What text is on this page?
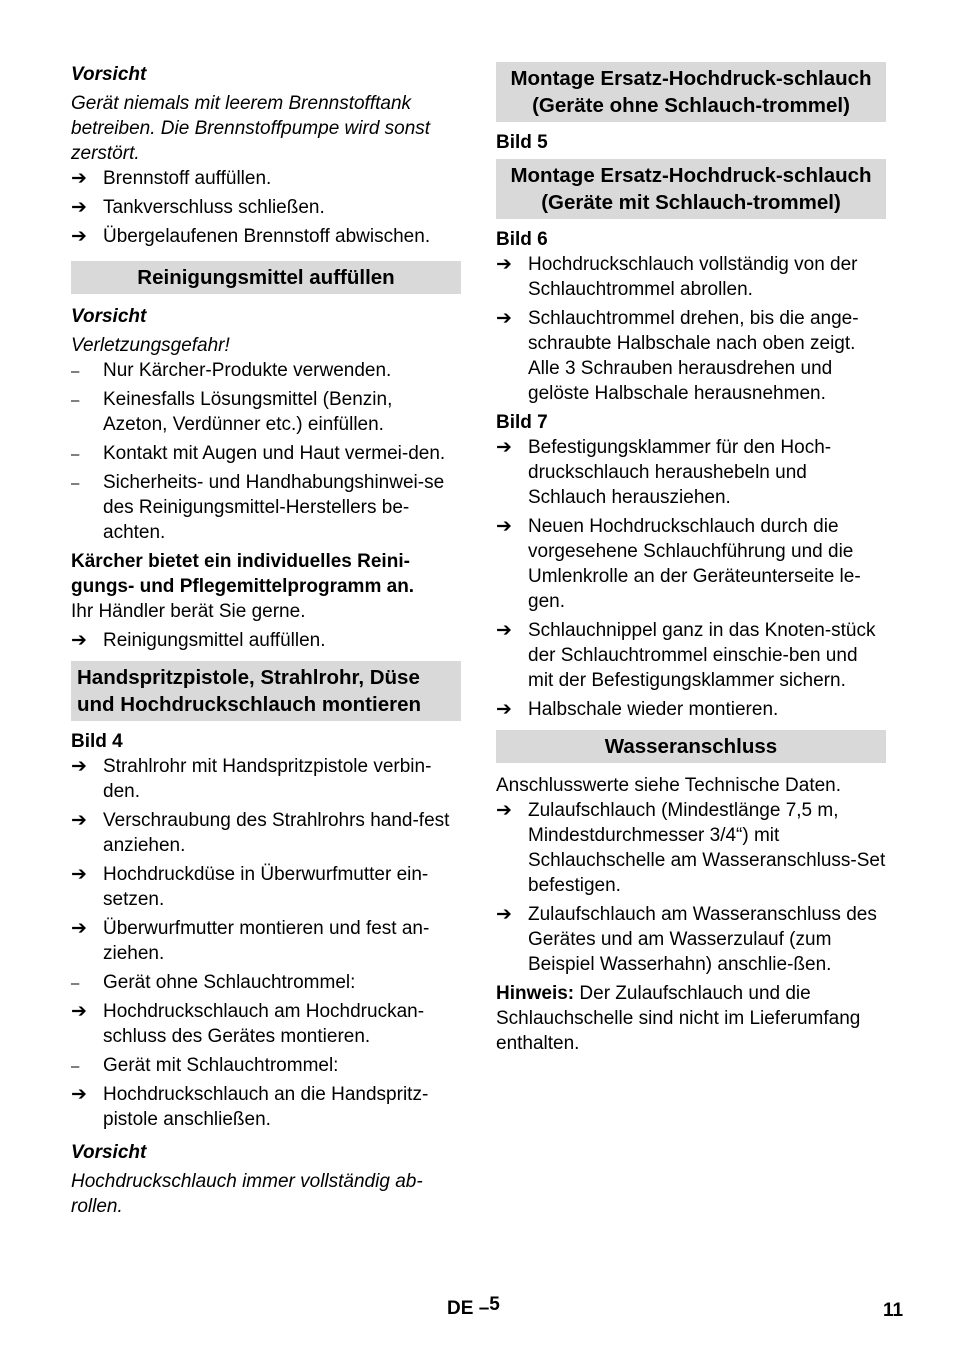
Vorsicht

Gerät niemals mit leerem Brennstofftank betreiben. Die Brennstoffpumpe wird sonst zerstört.

➔
Brennstoff auffüllen.
➔
Tankverschluss schließen.
➔
Übergelaufenen Brennstoff abwischen.

Reinigungsmittel auffüllen

Vorsicht

Verletzungsgefahr!

–
Nur Kärcher-Produkte verwenden.
–
Keinesfalls Lösungsmittel (Benzin, Azeton, Verdünner etc.) einfüllen.
–
Kontakt mit Augen und Haut vermei-den.
–
Sicherheits- und Handhabungshinwei-se des Reinigungsmittel-Herstellers be-achten.

Kärcher bietet ein individuelles Reini-gungs- und Pflegemittelprogramm an.

Ihr Händler berät Sie gerne.

➔
Reinigungsmittel auffüllen.

Handspritzpistole, Strahlrohr, Düse und Hochdruckschlauch montieren

Bild 4

➔
Strahlrohr mit Handspritzpistole verbin-den.
➔
Verschraubung des Strahlrohrs hand-fest anziehen.
➔
Hochdruckdüse in Überwurfmutter ein-setzen.
➔
Überwurfmutter montieren und fest an-ziehen.
–
Gerät ohne Schlauchtrommel:
➔
Hochdruckschlauch am Hochdruckan-schluss des Gerätes montieren.
–
Gerät mit Schlauchtrommel:
➔
Hochdruckschlauch an die Handspritz-pistole anschließen.

Vorsicht

Hochdruckschlauch immer vollständig ab-rollen.

Montage Ersatz-Hochdruck-schlauch (Geräte ohne Schlauch-trommel)

Bild 5

Montage Ersatz-Hochdruck-schlauch (Geräte mit Schlauch-trommel)

Bild 6

➔
Hochdruckschlauch vollständig von der Schlauchtrommel abrollen.
➔
Schlauchtrommel drehen, bis die ange-schraubte Halbschale nach oben zeigt. Alle 3 Schrauben herausdrehen und gelöste Halbschale herausnehmen.

Bild 7

➔
Befestigungsklammer für den Hoch-druckschlauch heraushebeln und Schlauch herausziehen.
➔
Neuen Hochdruckschlauch durch die vorgesehene Schlauchführung und die Umlenkrolle an der Geräteunterseite le-gen.
➔
Schlauchnippel ganz in das Knoten-stück der Schlauchtrommel einschie-ben und mit der Befestigungsklammer sichern.
➔
Halbschale wieder montieren.

Wasseranschluss

Anschlusswerte siehe Technische Daten.

➔
Zulaufschlauch (Mindestlänge 7,5 m, Mindestdurchmesser 3/4“) mit Schlauchschelle am Wasseranschluss-Set befestigen.
➔
Zulaufschlauch am Wasseranschluss des Gerätes und am Wasserzulauf (zum Beispiel Wasserhahn) anschlie-ßen.

Hinweis: Der Zulaufschlauch und die Schlauchschelle sind nicht im Lieferumfang enthalten.

DE –5	11
